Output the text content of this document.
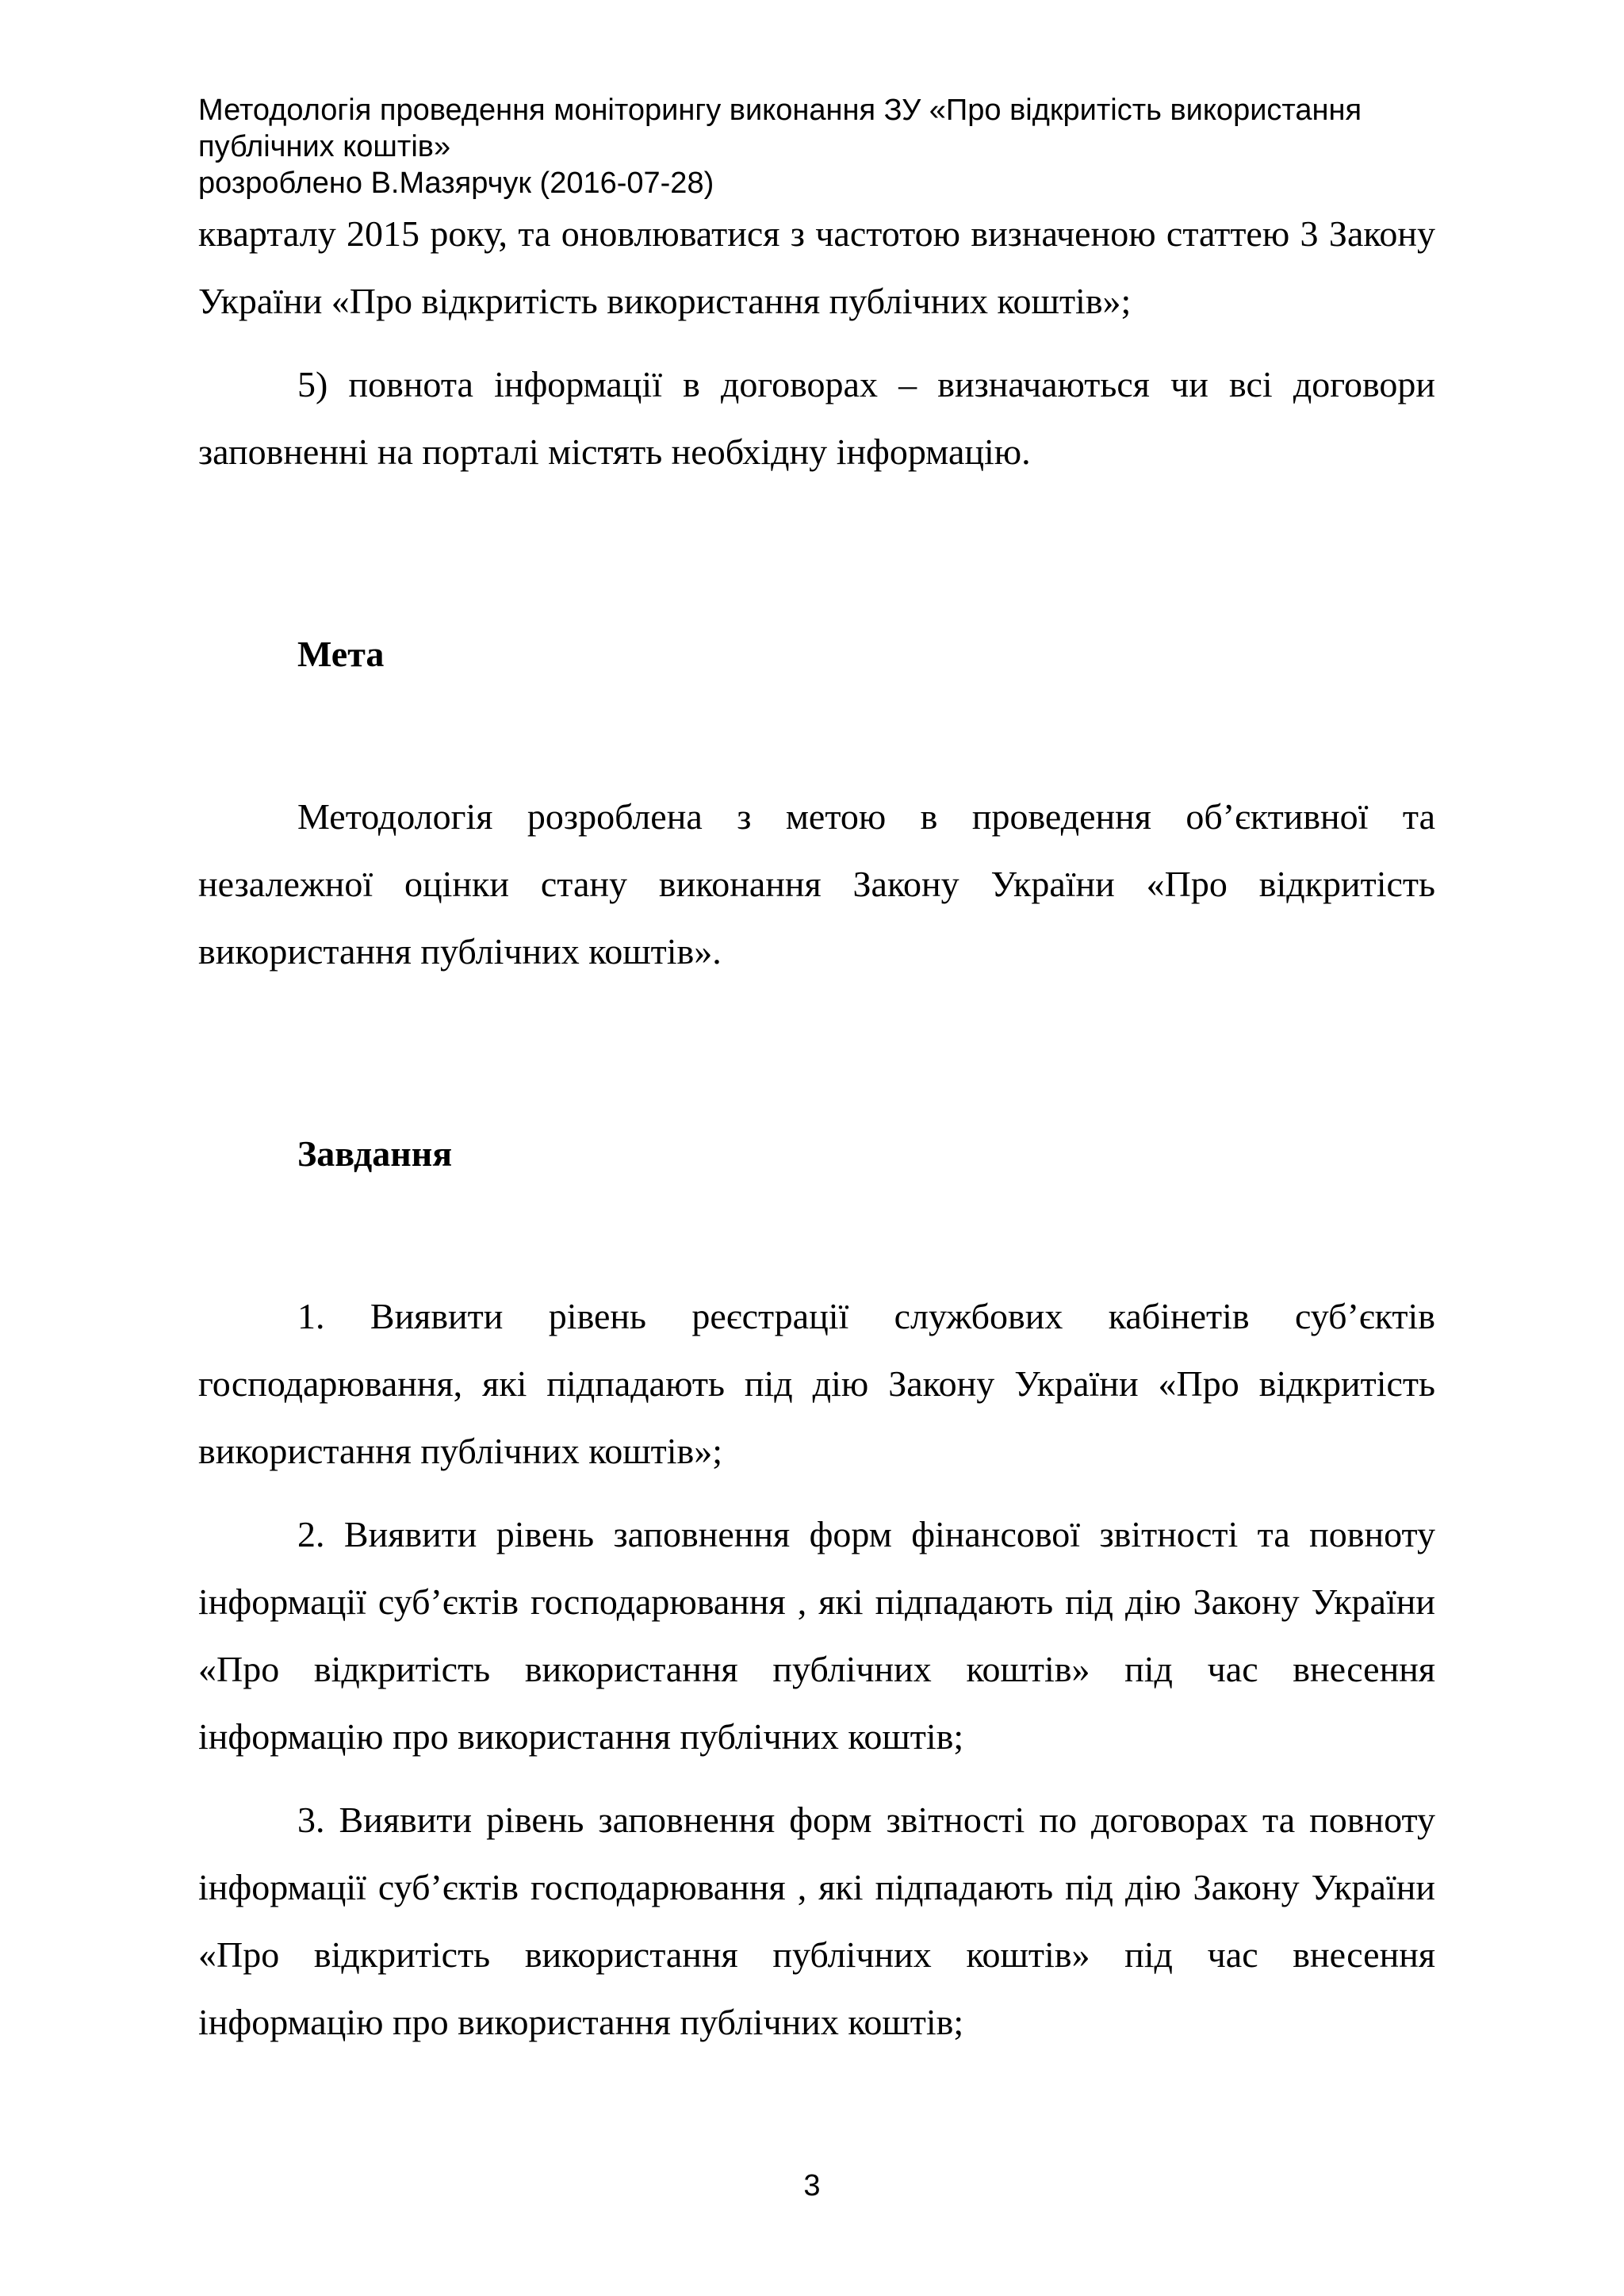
Методологія проведення моніторингу виконання ЗУ «Про відкритість використання
публічних коштів»
розроблено В.Мазярчук (2016-07-28)

кварталу 2015 року, та оновлюватися з частотою визначеною статтею 3 Закону України «Про відкритість використання публічних коштів»;

5) повнота інформації в договорах – визначаються чи всі договори заповненні на порталі містять необхідну інформацію.

Мета

Методологія розроблена з метою в проведення об’єктивної та незалежної оцінки стану виконання Закону України «Про відкритість використання публічних коштів».

Завдання

1. Виявити рівень реєстрації службових кабінетів суб’єктів господарювання, які підпадають під дію Закону України «Про відкритість використання публічних коштів»;

2. Виявити рівень заповнення форм фінансової звітності та повноту інформації суб’єктів господарювання , які підпадають під дію Закону України «Про відкритість використання публічних коштів» під час внесення інформацію про використання публічних коштів;

3. Виявити рівень заповнення форм звітності по договорах та повноту інформації суб’єктів господарювання , які підпадають під дію Закону України «Про відкритість використання публічних коштів» під час внесення інформацію про використання публічних коштів;

3
